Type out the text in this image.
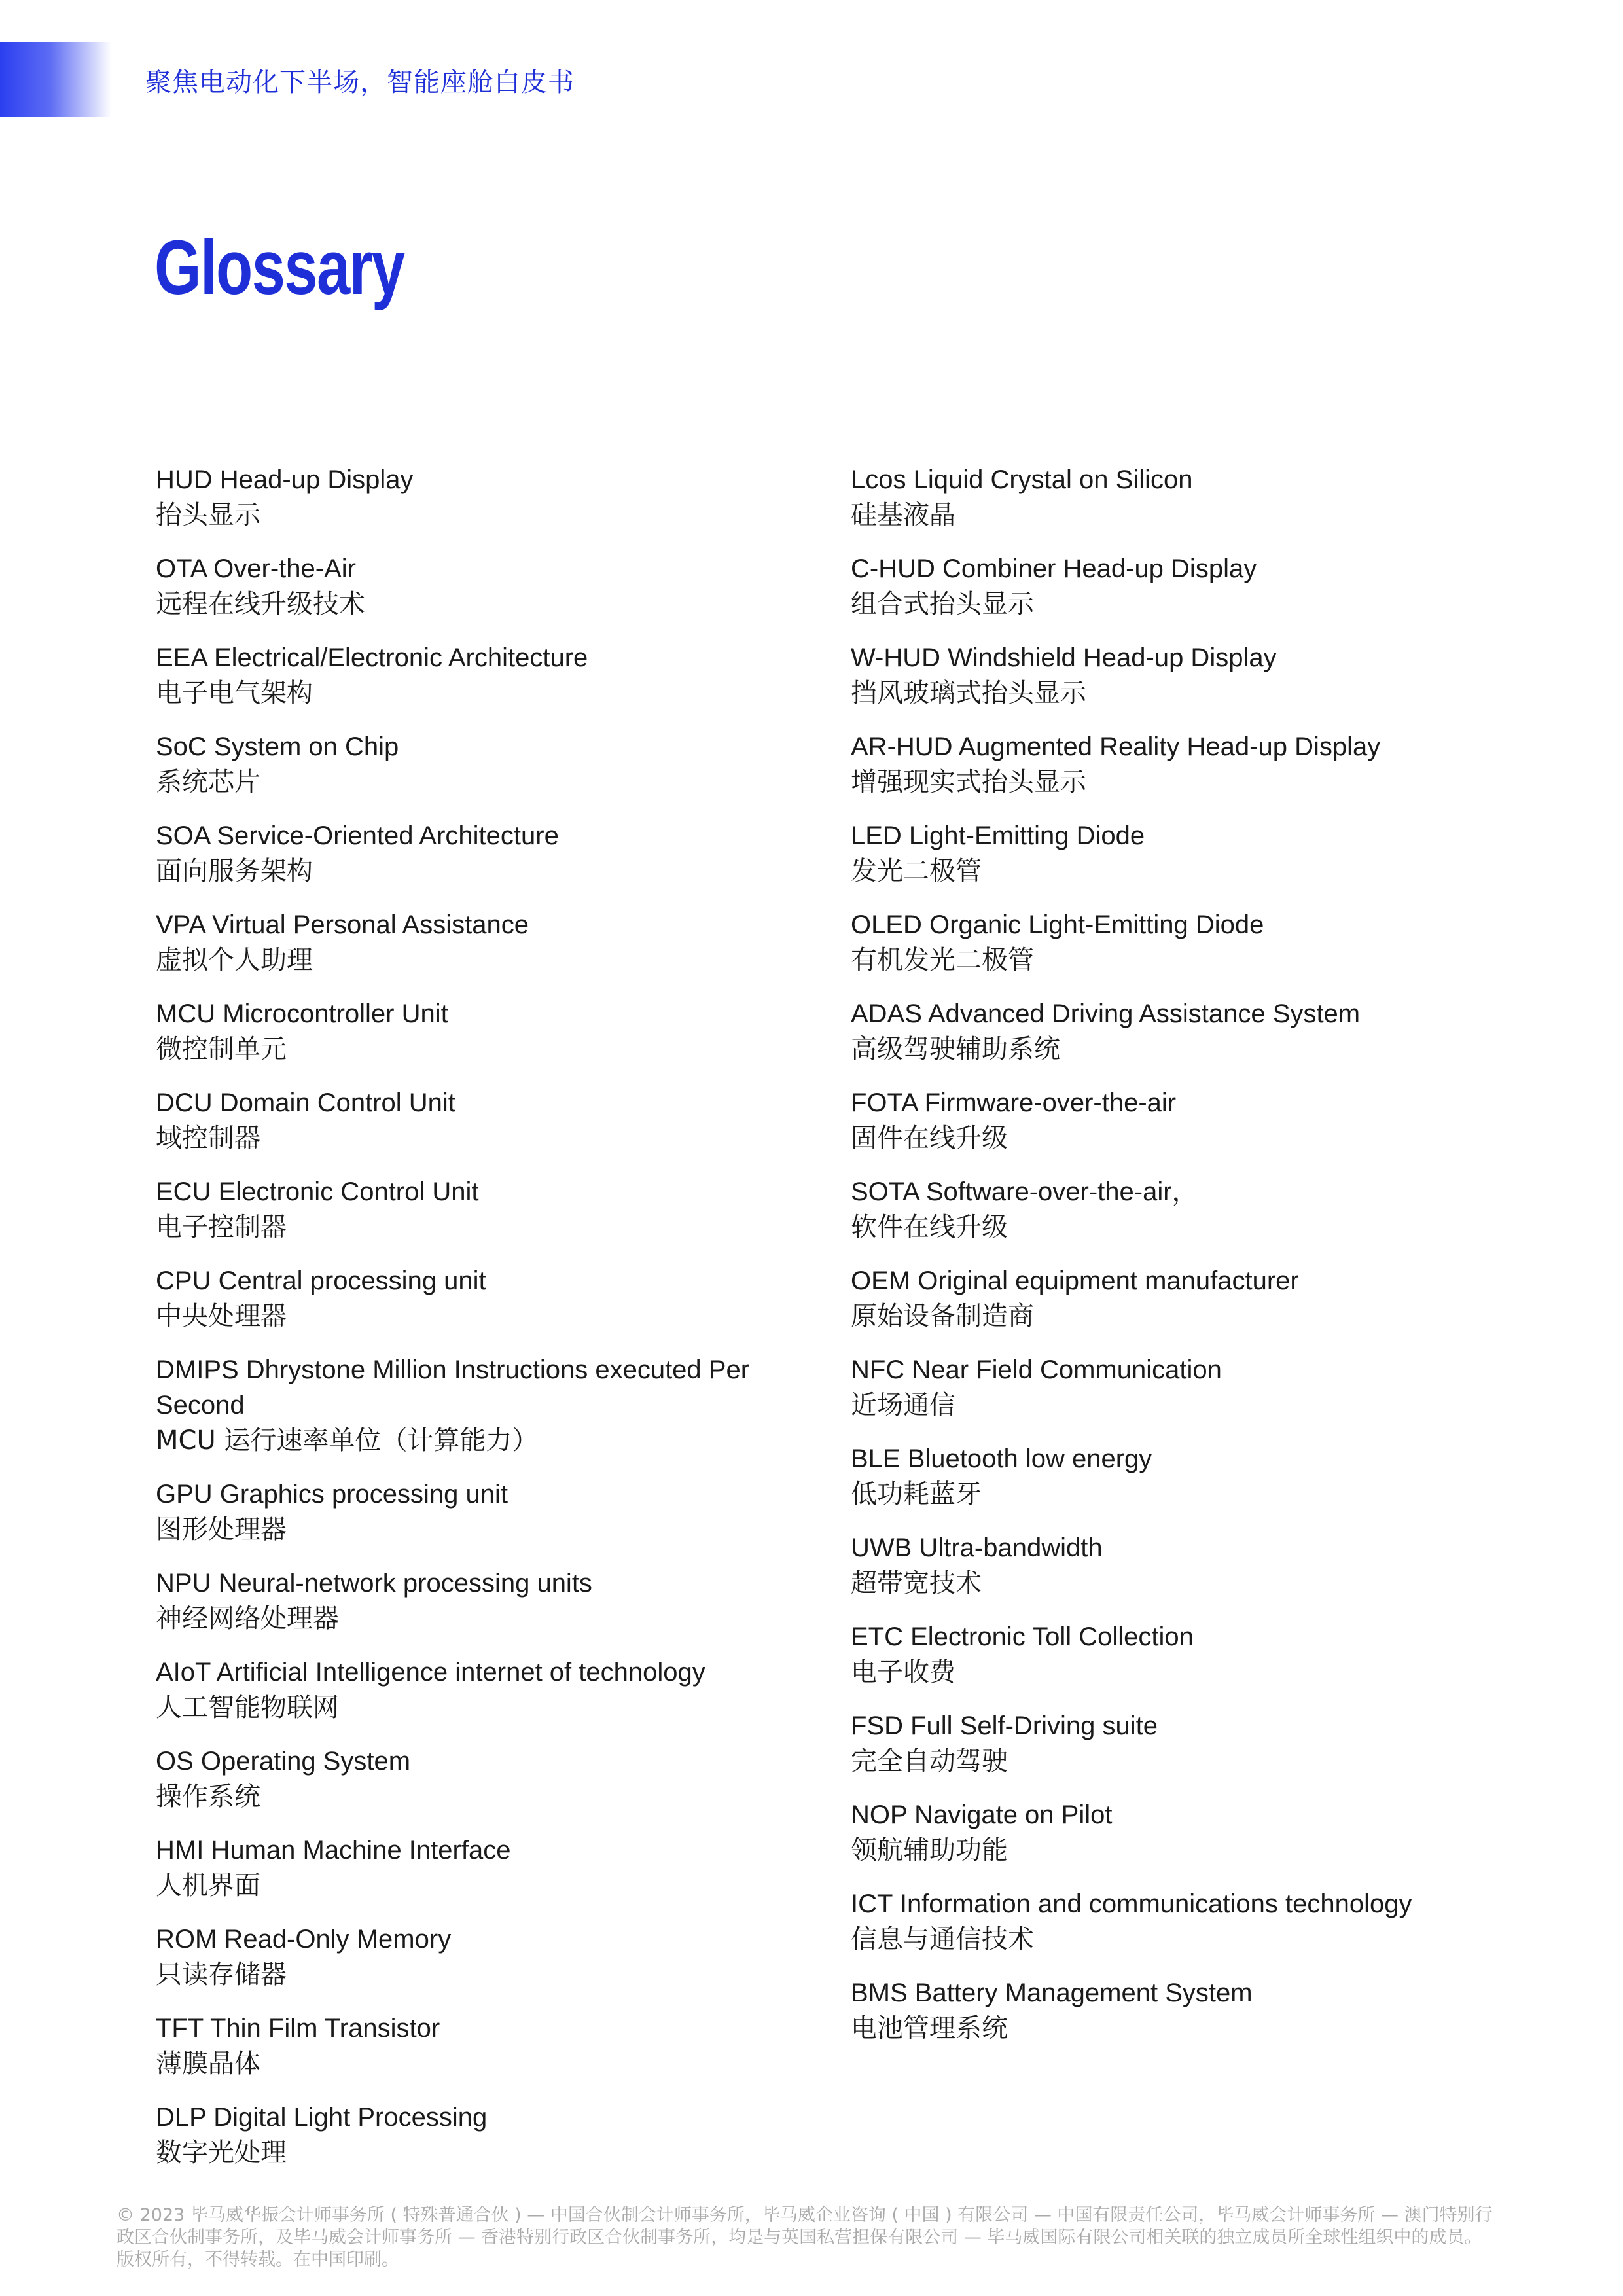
聚焦电动化下半场，智能座舱白皮书
Glossary
HUD Head-up Display
抬头显示
OTA Over-the-Air
远程在线升级技术
EEA Electrical/Electronic Architecture
电子电气架构
SoC System on Chip
系统芯片
SOA Service-Oriented Architecture
面向服务架构
VPA Virtual Personal Assistance
虚拟个人助理
MCU Microcontroller Unit
微控制单元
DCU Domain Control Unit
域控制器
ECU Electronic Control Unit
电子控制器
CPU Central processing unit
中央处理器
DMIPS Dhrystone Million Instructions executed Per Second
MCU 运行速率单位（计算能力）
GPU Graphics processing unit
图形处理器
NPU Neural-network processing units
神经网络处理器
AIoT Artificial Intelligence internet of technology
人工智能物联网
OS Operating System
操作系统
HMI Human Machine Interface
人机界面
ROM Read-Only Memory
只读存储器
TFT Thin Film Transistor
薄膜晶体
DLP Digital Light Processing
数字光处理
Lcos Liquid Crystal on Silicon
硅基液晶
C-HUD Combiner Head-up Display
组合式抬头显示
W-HUD Windshield Head-up Display
挡风玻璃式抬头显示
AR-HUD Augmented Reality Head-up Display
增强现实式抬头显示
LED Light-Emitting Diode
发光二极管
OLED Organic Light-Emitting Diode
有机发光二极管
ADAS Advanced Driving Assistance System
高级驾驶辅助系统
FOTA Firmware-over-the-air
固件在线升级
SOTA Software-over-the-air，
软件在线升级
OEM Original equipment manufacturer
原始设备制造商
NFC Near Field Communication
近场通信
BLE Bluetooth low energy
低功耗蓝牙
UWB Ultra-bandwidth
超带宽技术
ETC Electronic Toll Collection
电子收费
FSD Full Self-Driving suite
完全自动驾驶
NOP Navigate on Pilot
领航辅助功能
ICT Information and communications technology
信息与通信技术
BMS Battery Management System
电池管理系统
© 2023 毕马威华振会计师事务所 ( 特殊普通合伙 ) — 中国合伙制会计师事务所，毕马威企业咨询 ( 中国 ) 有限公司 — 中国有限责任公司，毕马威会计师事务所 — 澳门特别行政区合伙制事务所，及毕马威会计师事务所 — 香港特别行政区合伙制事务所，均是与英国私营担保有限公司 — 毕马威国际有限公司相关联的独立成员所全球性组织中的成员。版权所有，不得转载。在中国印刷。
